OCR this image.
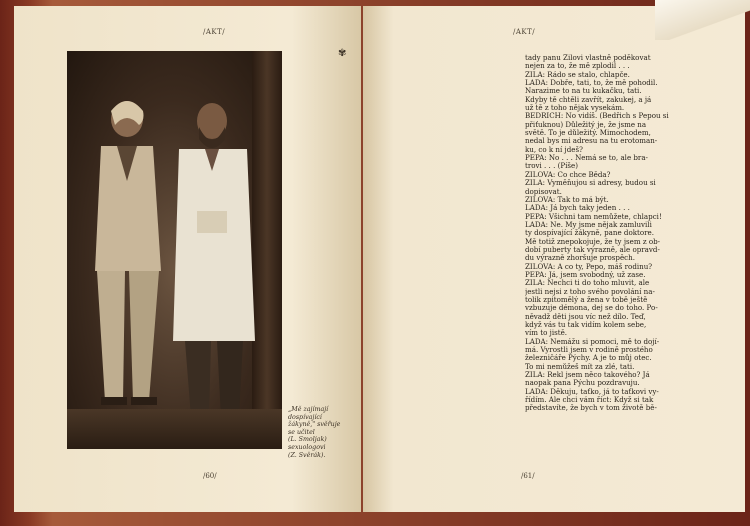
/AKT/
„Mě zajímají
dospívající
žákyně," svěřuje
se učitel
(L. Smoljak)
sexuologovi
(Z. Svěrák).
/60/
✾
/AKT/
tady panu Žilovi vlastně poděkovat
nejen za to, že mě zplodil . . .
ŽILA: Rádo se stalo, chlapče.
LÁĎA: Dobře, tati, to, že mě pohodil.
Narazime to na tu kukačku, tati.
Kdyby tě chtěli zavřít, zakukej, a já
už tě z toho nějak vysekám.
BEDŘICH: No vidíš. (Bedřich s Pepou si
přiťuknou) Důležitý je, že jsme na
světě. To je důležitý. Mimochodem,
nedal bys mi adresu na tu erotoman-
ku, co k ní jdeš?
PEPA: No . . . Nemá se to, ale bra-
trovi . . . (Píše)
ŽILOVÁ: Co chce Běda?
ŽILA: Vyměňujou si adresy, budou si
dopisovat.
ŽILOVÁ: Tak to má být.
LÁĎA: Já bych taky jeden . . .
PEPA: Všichni tam nemůžete, chlapci!
LÁĎA: Ne. My jsme nějak zamluvili
ty dospívající žákyně, pane doktore.
Mě totiž znepokojuje, že ty jsem z ob-
dobí puberty tak výrazně, ale opravd-
du výrazně zhoršuje prospěch.
ŽILOVÁ: A co ty, Pepo, máš rodinu?
PEPA: Já, jsem svobodný, už zase.
ŽILA: Nechci ti do toho mluvit, ale
jestli nejsi z toho svého povolání na-
tolik zpitomělý a žena v tobě ještě
vzbuzuje démona, dej se do toho. Po-
něvadž děti jsou víc než dílo. Teď,
když vás tu tak vidím kolem sebe,
vím to jistě.
LÁĎA: Nemážu si pomoci, mě to dojí-
má. Vyrostli jsem v rodině prostého
železničáře Pýchy. A je to můj otec.
To mi nemůžeš mít za zlé, tati.
ŽILA: Řekl jsem něco takového? Já
naopak pana Pýchu pozdravuju.
LÁĎA: Děkuju, taťko, já to taťkovi vy-
řídím. Ale chci vám říct: Když si tak
představíte, že bych v tom životě bě-
/61/
